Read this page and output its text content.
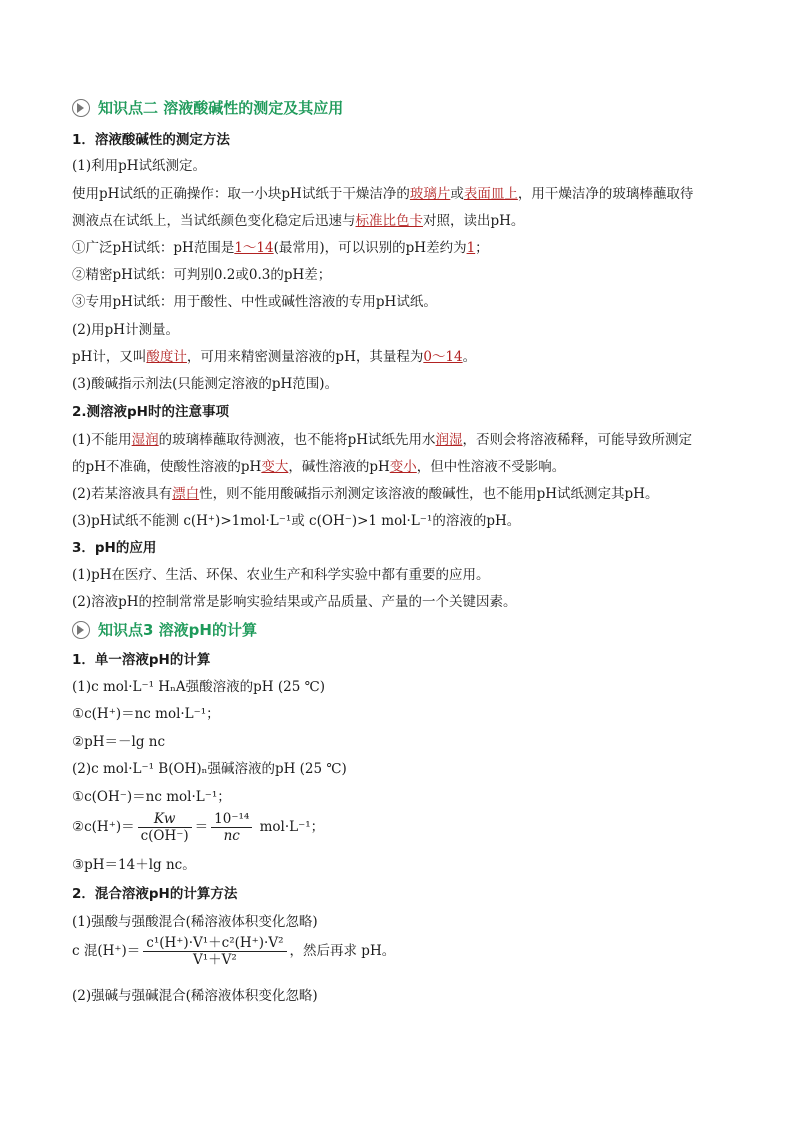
知识点二 溶液酸碱性的测定及其应用
1．溶液酸碱性的测定方法
(1)利用pH试纸测定。
使用pH试纸的正确操作：取一小块pH试纸于干燥洁净的玻璃片或表面皿上，用干燥洁净的玻璃棒蘸取待
测液点在试纸上，当试纸颜色变化稳定后迅速与标准比色卡对照，读出pH。
①广泛pH试纸：pH范围是1～14(最常用)，可以识别的pH差约为1；
②精密pH试纸：可判别0.2或0.3的pH差；
③专用pH试纸：用于酸性、中性或碱性溶液的专用pH试纸。
(2)用pH计测量。
pH计，又叫酸度计，可用来精密测量溶液的pH，其量程为0～14。
(3)酸碱指示剂法(只能测定溶液的pH范围)。
2.测溶液pH时的注意事项
(1)不能用湿润的玻璃棒蘸取待测液，也不能将pH试纸先用水润湿，否则会将溶液稀释，可能导致所测定
的pH不准确，使酸性溶液的pH变大，碱性溶液的pH变小，但中性溶液不受影响。
(2)若某溶液具有漂白性，则不能用酸碱指示剂测定该溶液的酸碱性，也不能用pH试纸测定其pH。
(3)pH试纸不能测 c(H⁺)>1mol·L⁻¹或 c(OH⁻)>1 mol·L⁻¹的溶液的pH。
3．pH的应用
(1)pH在医疗、生活、环保、农业生产和科学实验中都有重要的应用。
(2)溶液pH的控制常常是影响实验结果或产品质量、产量的一个关键因素。
知识点3 溶液pH的计算
1．单一溶液pH的计算
(1)c mol·L⁻¹ HₙA强酸溶液的pH (25 ℃)
①c(H⁺)＝nc mol·L⁻¹；
②pH＝－lg nc
(2)c mol·L⁻¹ B(OH)ₙ强碱溶液的pH (25 ℃)
①c(OH⁻)＝nc mol·L⁻¹；
②c(H⁺)＝ $\frac{Kw}{c(OH^-)} = \frac{\text{10⁻¹⁴}}{nc} mol\cdot L^{-1}$；
③pH＝14＋lg nc。
2．混合溶液pH的计算方法
(1)强酸与强酸混合(稀溶液体积变化忽略)
c 混$(H^+)= \frac{\text{c¹(H⁺)·V¹＋c²(H⁺)·V²}}{\text{V¹＋V²}}$ ，然后再求 pH。
(2)强碱与强碱混合(稀溶液体积变化忽略)
